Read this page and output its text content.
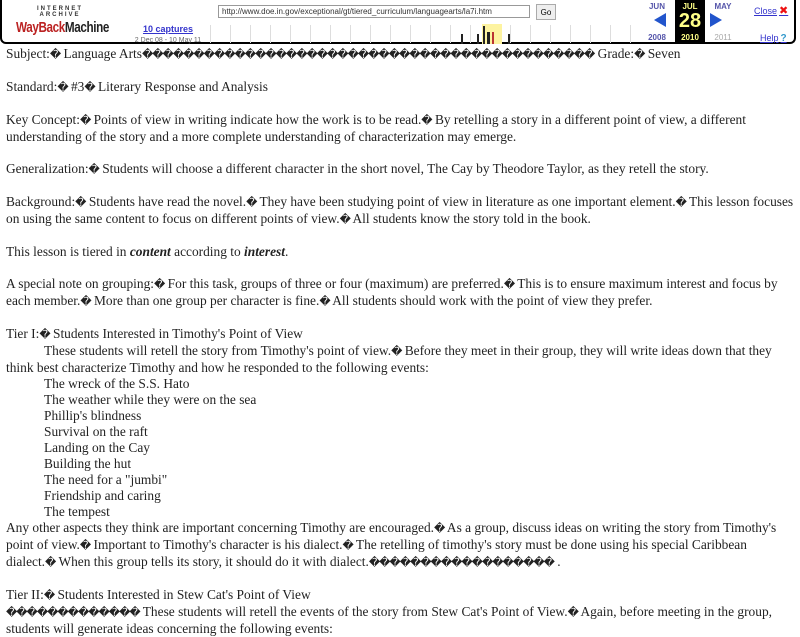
INTERNET ARCHIVE
WayBackMachine	10 captures
2 Dec 08 - 10 May 11
http://www.doe.in.gov/exceptional/gt/tiered_curriculum/languagearts/la7i.htm	Go
JUN
2008
JUL
28
2010
MAY
2011
Close ✖
Help ?

Subject:� Language Arts�������������������������������������������� Grade:� Seven

Standard:� #3� Literary Response and Analysis

Key Concept:� Points of view in writing indicate how the work is to be read.� By retelling a story in a different point of view, a different understanding of the story and a more complete understanding of characterization may emerge.

Generalization:� Students will choose a different character in the short novel, The Cay by Theodore Taylor, as they retell the story.

Background:� Students have read the novel.� They have been studying point of view in literature as one important element.� This lesson focuses on using the same content to focus on different points of view.� All students know the story told in the book.

This lesson is tiered in content according to interest.

A special note on grouping:� For this task, groups of three or four (maximum) are preferred.� This is to ensure maximum interest and focus by each member.� More than one group per character is fine.� All students should work with the point of view they prefer.

Tier I:� Students Interested in Timothy's Point of View
These students will retell the story from Timothy's point of view.� Before they meet in their group, they will write ideas down that they think best characterize Timothy and how he responded to the following events:
The wreck of the S.S. Hato
The weather while they were on the sea
Phillip's blindness
Survival on the raft
Landing on the Cay
Building the hut
The need for a "jumbi"
Friendship and caring
The tempest

Any other aspects they think are important concerning Timothy are encouraged.� As a group, discuss ideas on writing the story from Timothy's point of view.� Important to Timothy's character is his dialect.� The retelling of timothy's story must be done using his special Caribbean dialect.� When this group tells its story, it should do it with dialect.������������������ .

Tier II:� Students Interested in Stew Cat's Point of View
������������� These students will retell the events of the story from Stew Cat's Point of View.� Again, before meeting in the group, students will generate ideas concerning the following events:
